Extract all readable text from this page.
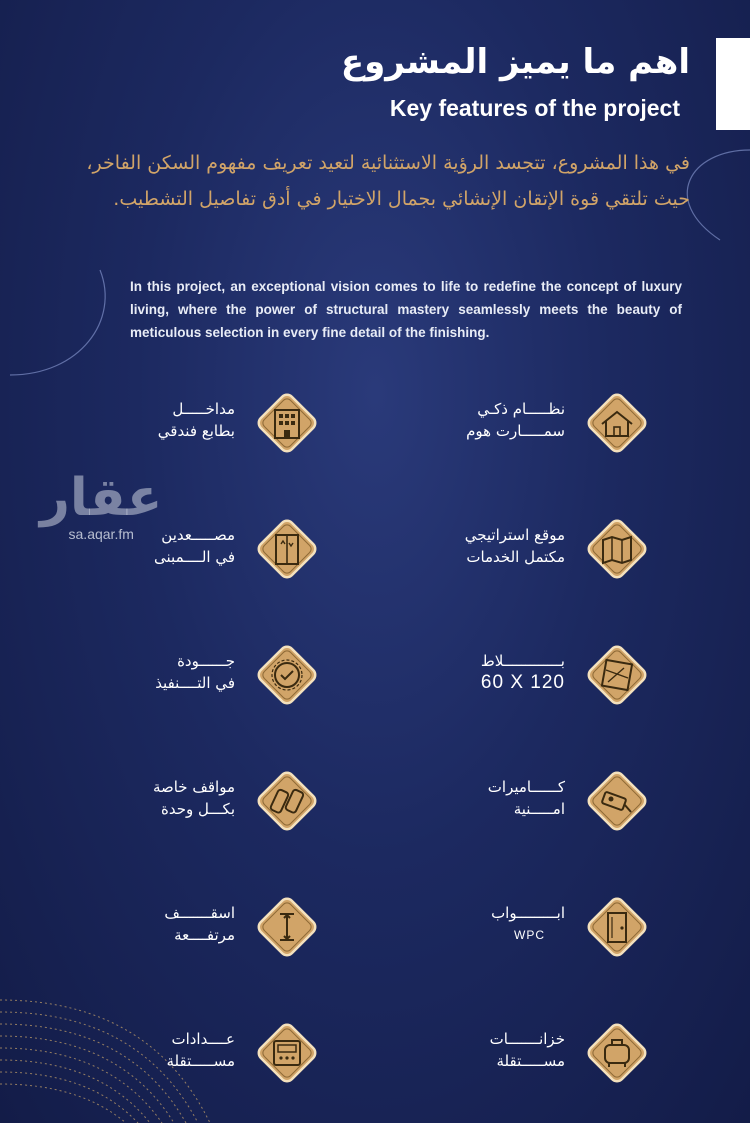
اهم ما يميز المشروع
Key features of the project
في هذا المشروع، تتجسد الرؤية الاستثنائية لتعيد تعريف مفهوم السكن الفاخر، حيث تلتقي قوة الإتقان الإنشائي بجمال الاختيار في أدق تفاصيل التشطيب.
In this project, an exceptional vision comes to life to redefine the concept of luxury living, where the power of structural mastery seamlessly meets the beauty of meticulous selection in every fine detail of the finishing.
عقار
sa.aqar.fm
نظـــــام ذكـي
سمـــــارت هوم
مداخـــــل
بطابع فندقي
موقع استراتيجي
مكتمل الخدمات
مصـــــعدين
في الــــمبنى
بـــــــــــــلاط
60 X 120
جــــــودة
في التــــنفيذ
كــــــاميرات
امـــــنية
مواقف خاصة
بكـــل وحدة
ابـــــــــواب
WPC
اسقـــــــف
مرتفــــعة
خزانـــــــات
مســـــتقلة
عــــدادات
مســـــتقلة
